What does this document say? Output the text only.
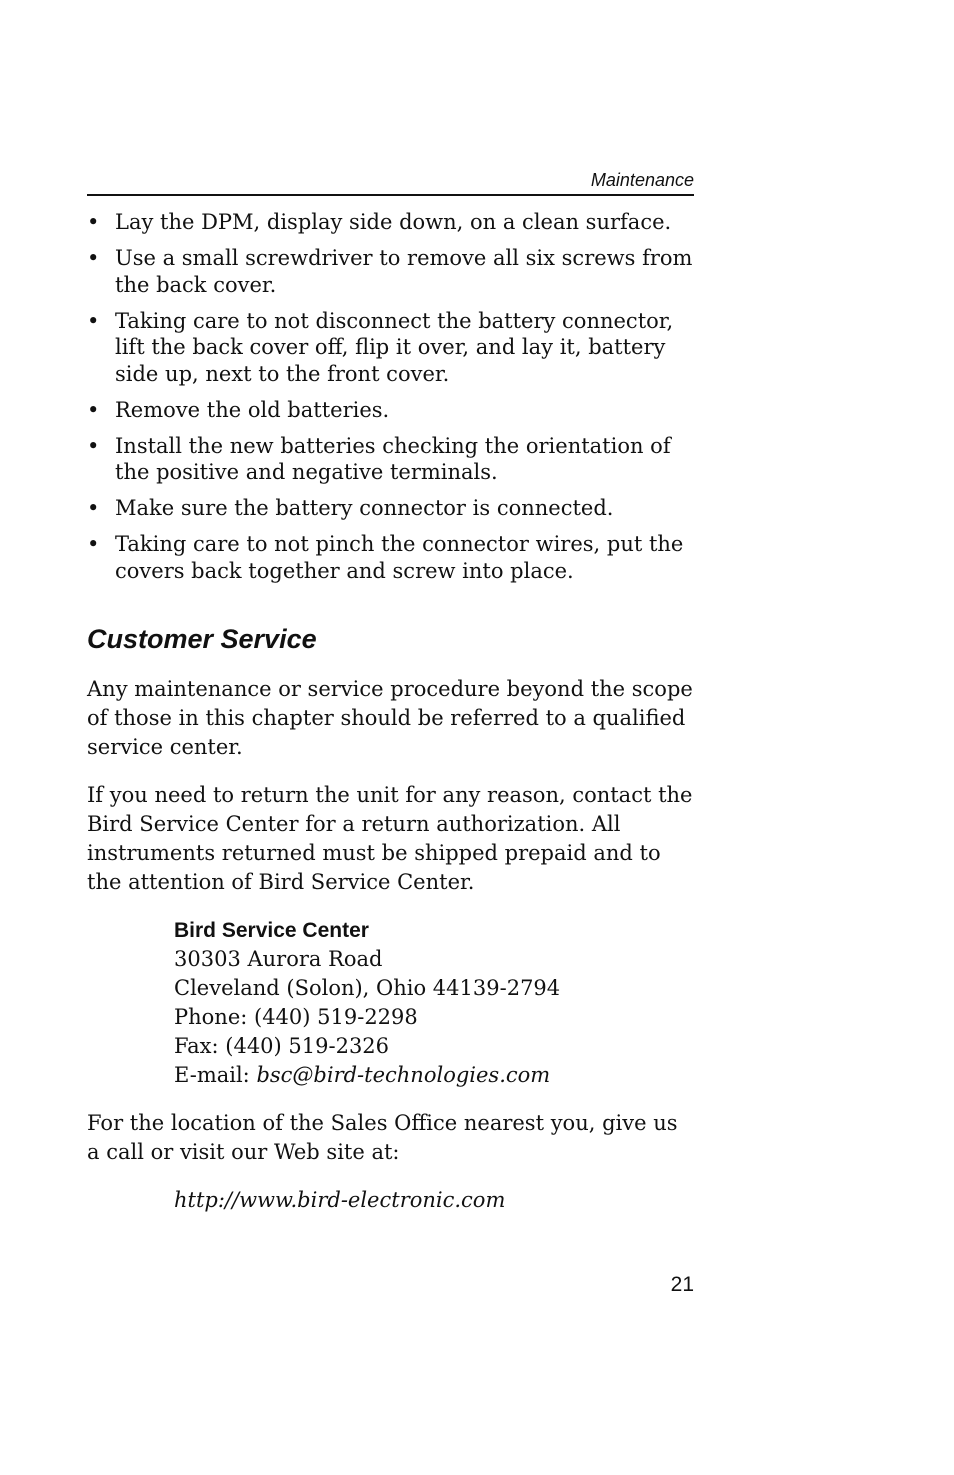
Maintenance
• Lay the DPM, display side down, on a clean surface.
• Use a small screwdriver to remove all six screws from the back cover.
• Taking care to not disconnect the battery connector, lift the back cover off, flip it over, and lay it, battery side up, next to the front cover.
• Remove the old batteries.
• Install the new batteries checking the orientation of the positive and negative terminals.
• Make sure the battery connector is connected.
• Taking care to not pinch the connector wires, put the covers back together and screw into place.
Customer Service

Any maintenance or service procedure beyond the scope of those in this chapter should be referred to a qualified service center.

If you need to return the unit for any reason, contact the Bird Service Center for a return authorization. All instruments returned must be shipped prepaid and to the attention of Bird Service Center.

Bird Service Center
30303 Aurora Road
Cleveland (Solon), Ohio 44139-2794
Phone: (440) 519-2298
Fax: (440) 519-2326
E-mail: bsc@bird-technologies.com

For the location of the Sales Office nearest you, give us a call or visit our Web site at:

http://www.bird-electronic.com
21
